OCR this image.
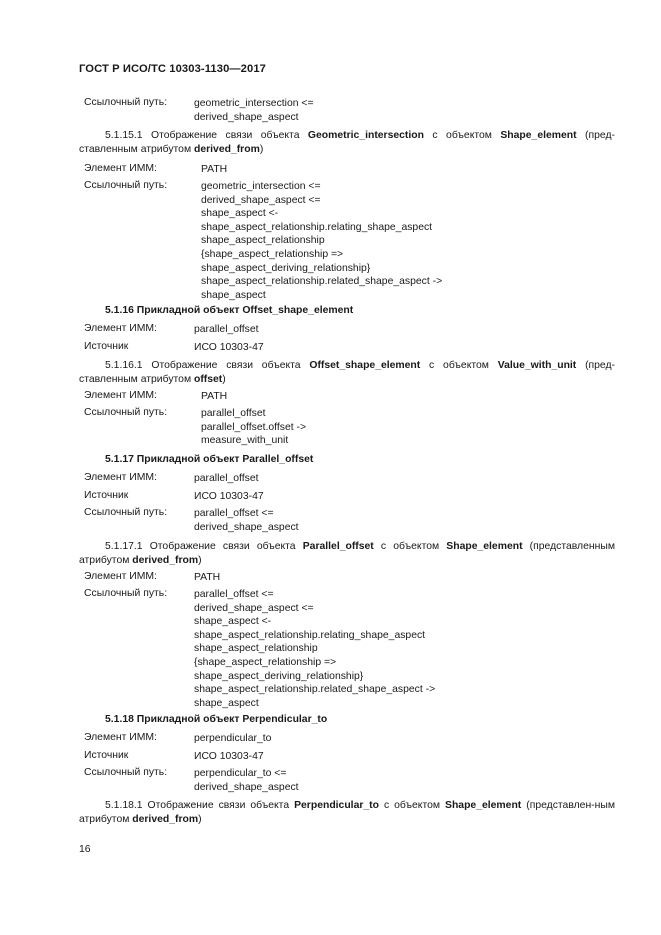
ГОСТ Р ИСО/ТС 10303-1130—2017
Ссылочный путь:	geometric_intersection <=
derived_shape_aspect
5.1.15.1 Отображение связи объекта Geometric_intersection с объектом Shape_element (пред-ставленным атрибутом derived_from)
Элемент ИММ:	PATH
Ссылочный путь:	geometric_intersection <=
derived_shape_aspect <=
shape_aspect <-
shape_aspect_relationship.relating_shape_aspect
shape_aspect_relationship
{shape_aspect_relationship =>
shape_aspect_deriving_relationship}
shape_aspect_relationship.related_shape_aspect ->
shape_aspect
5.1.16 Прикладной объект Offset_shape_element
Элемент ИММ:	parallel_offset
Источник	ИСО 10303-47
5.1.16.1 Отображение связи объекта Offset_shape_element с объектом Value_with_unit (пред-ставленным атрибутом offset)
Элемент ИММ:	PATH
Ссылочный путь:	parallel_offset
parallel_offset.offset ->
measure_with_unit
5.1.17 Прикладной объект Parallel_offset
Элемент ИММ:	parallel_offset
Источник	ИСО 10303-47
Ссылочный путь:	parallel_offset <=
derived_shape_aspect
5.1.17.1 Отображение связи объекта Parallel_offset с объектом Shape_element (представленным атрибутом derived_from)
Элемент ИММ:	PATH
Ссылочный путь:	parallel_offset <=
derived_shape_aspect <=
shape_aspect <-
shape_aspect_relationship.relating_shape_aspect
shape_aspect_relationship
{shape_aspect_relationship =>
shape_aspect_deriving_relationship}
shape_aspect_relationship.related_shape_aspect ->
shape_aspect
5.1.18 Прикладной объект Perpendicular_to
Элемент ИММ:	perpendicular_to
Источник	ИСО 10303-47
Ссылочный путь:	perpendicular_to <=
derived_shape_aspect
5.1.18.1 Отображение связи объекта Perpendicular_to с объектом Shape_element (представлен-ным атрибутом derived_from)
16
